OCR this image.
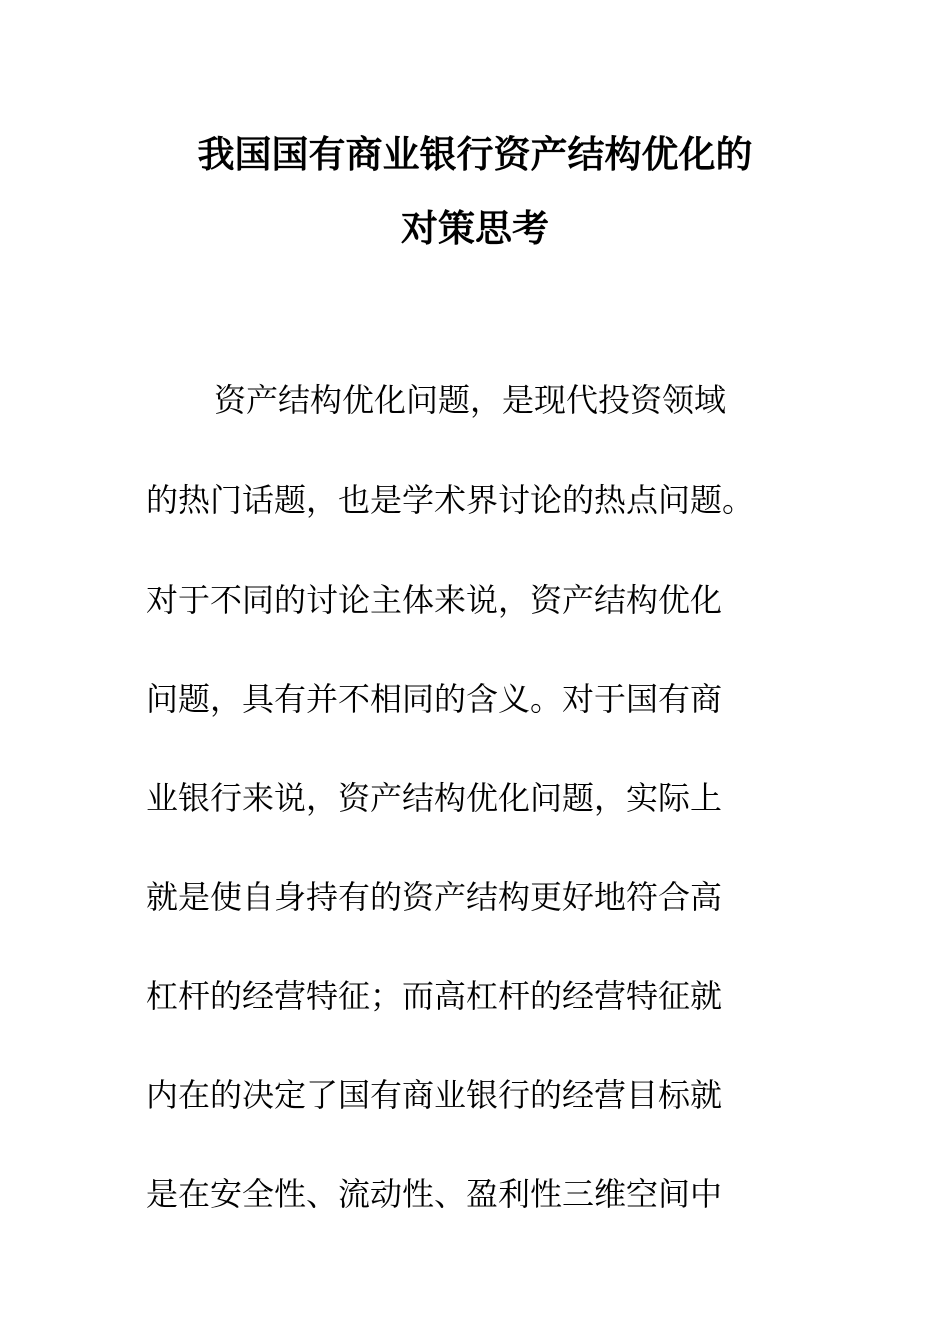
我国国有商业银行资产结构优化的
对策思考

资产结构优化问题，是现代投资领域

的热门话题，也是学术界讨论的热点问题。

对于不同的讨论主体来说，资产结构优化

问题，具有并不相同的含义。对于国有商

业银行来说，资产结构优化问题，实际上

就是使自身持有的资产结构更好地符合高

杠杆的经营特征；而高杠杆的经营特征就

内在的决定了国有商业银行的经营目标就

是在安全性、流动性、盈利性三维空间中
